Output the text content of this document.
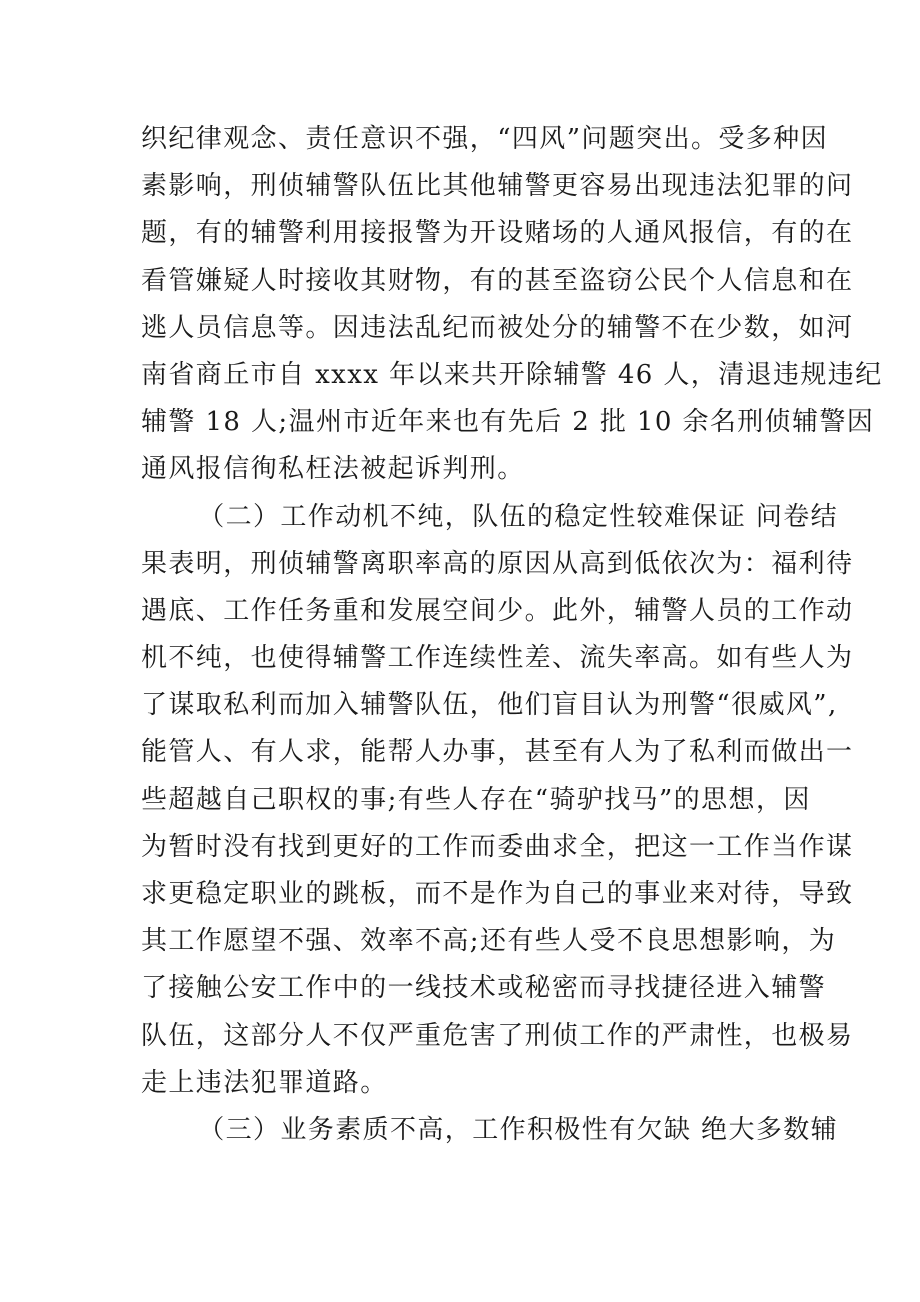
织纪律观念、责任意识不强，“四风”问题突出。受多种因
素影响，刑侦辅警队伍比其他辅警更容易出现违法犯罪的问
题，有的辅警利用接报警为开设赌场的人通风报信，有的在
看管嫌疑人时接收其财物，有的甚至盗窃公民个人信息和在
逃人员信息等。因违法乱纪而被处分的辅警不在少数，如河
南省商丘市自 xxxx 年以来共开除辅警 46 人，清退违规违纪
辅警 18 人;温州市近年来也有先后 2 批 10 余名刑侦辅警因
通风报信徇私枉法被起诉判刑。
（二）工作动机不纯，队伍的稳定性较难保证 问卷结
果表明，刑侦辅警离职率高的原因从高到低依次为：福利待
遇底、工作任务重和发展空间少。此外，辅警人员的工作动
机不纯，也使得辅警工作连续性差、流失率高。如有些人为
了谋取私利而加入辅警队伍，他们盲目认为刑警“很威风”,
能管人、有人求，能帮人办事，甚至有人为了私利而做出一
些超越自己职权的事;有些人存在“骑驴找马”的思想，因
为暂时没有找到更好的工作而委曲求全，把这一工作当作谋
求更稳定职业的跳板，而不是作为自己的事业来对待，导致
其工作愿望不强、效率不高;还有些人受不良思想影响，为
了接触公安工作中的一线技术或秘密而寻找捷径进入辅警
队伍，这部分人不仅严重危害了刑侦工作的严肃性，也极易
走上违法犯罪道路。
（三）业务素质不高，工作积极性有欠缺 绝大多数辅
